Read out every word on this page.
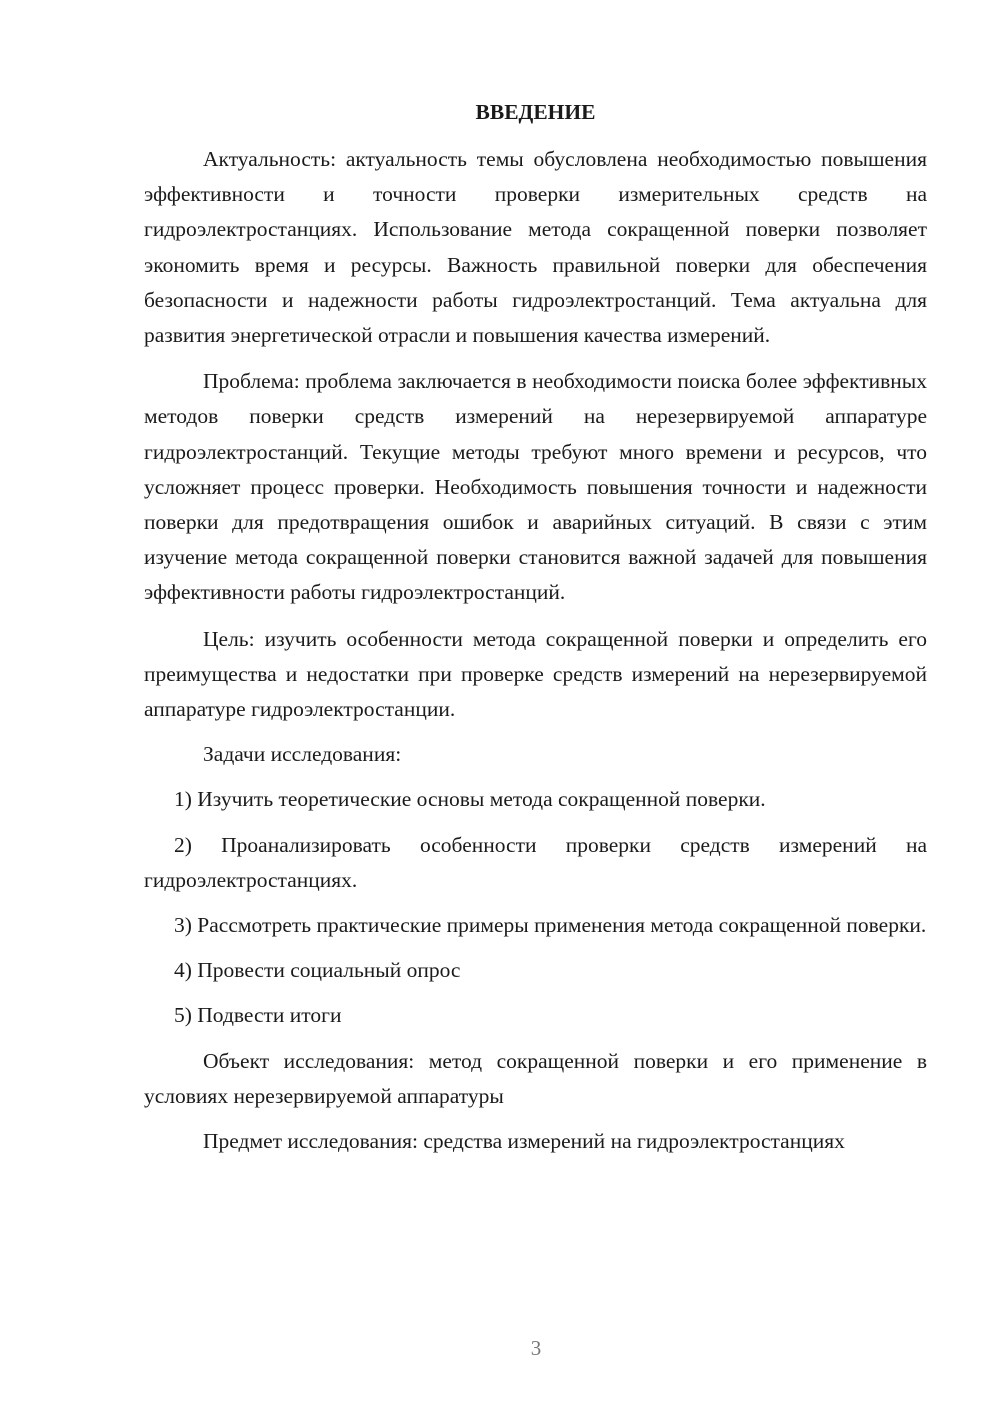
ВВЕДЕНИЕ

Актуальность: актуальность темы обусловлена необходимостью повышения эффективности и точности проверки измерительных средств на гидроэлектростанциях. Использование метода сокращенной поверки позволяет экономить время и ресурсы. Важность правильной поверки для обеспечения безопасности и надежности работы гидроэлектростанций. Тема актуальна для развития энергетической отрасли и повышения качества измерений.

Проблема: проблема заключается в необходимости поиска более эффективных методов поверки средств измерений на нерезервируемой аппаратуре гидроэлектростанций. Текущие методы требуют много времени и ресурсов, что усложняет процесс проверки. Необходимость повышения точности и надежности поверки для предотвращения ошибок и аварийных ситуаций. В связи с этим изучение метода сокращенной поверки становится важной задачей для повышения эффективности работы гидроэлектростанций.

Цель: изучить особенности метода сокращенной поверки и определить его преимущества и недостатки при проверке средств измерений на нерезервируемой аппаратуре гидроэлектростанции.

Задачи исследования:

1) Изучить теоретические основы метода сокращенной поверки.

2) Проанализировать особенности проверки средств измерений на гидроэлектростанциях.

3) Рассмотреть практические примеры применения метода сокращенной поверки.

4) Провести социальный опрос

5) Подвести итоги

Объект исследования: метод сокращенной поверки и его применение в условиях нерезервируемой аппаратуры

Предмет исследования: средства измерений на гидроэлектростанциях

3
